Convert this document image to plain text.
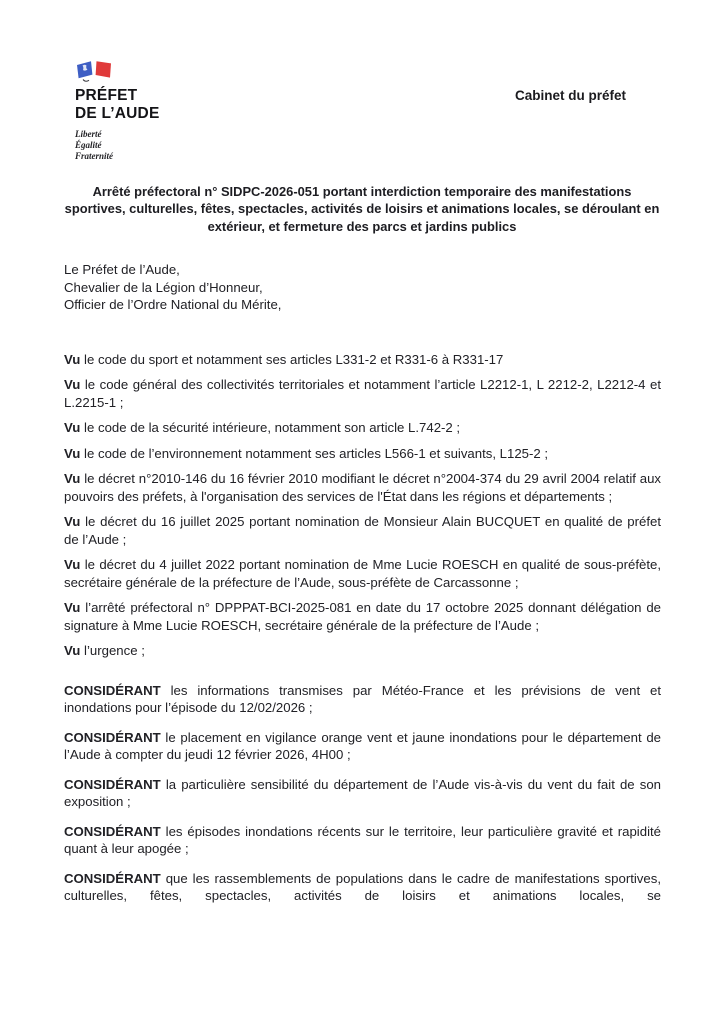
PRÉFET
DE L’AUDE
Liberté
Égalité
Fraternité
Cabinet du préfet
Arrêté préfectoral n° SIDPC-2026-051 portant interdiction temporaire des manifestations sportives, culturelles, fêtes, spectacles, activités de loisirs et animations locales, se déroulant en extérieur, et fermeture des parcs et jardins publics

Le Préfet de l’Aude,

Chevalier de la Légion d’Honneur,

Officier de l’Ordre National du Mérite,

Vu le code du sport et notamment ses articles L331-2 et R331-6 à R331-17

Vu le code général des collectivités territoriales et notamment l’article L2212-1, L 2212-2, L2212-4 et L.2215-1 ;

Vu le code de la sécurité intérieure, notamment son article L.742-2 ;

Vu le code de l’environnement notamment ses articles L566-1 et suivants, L125-2 ;

Vu le décret n°2010-146 du 16 février 2010 modifiant le décret n°2004-374 du 29 avril 2004 relatif aux pouvoirs des préfets, à l'organisation des services de l'État dans les régions et départements ;

Vu le décret du 16 juillet 2025 portant nomination de Monsieur Alain BUCQUET en qualité de préfet de l’Aude ;

Vu le décret du 4 juillet 2022 portant nomination de Mme Lucie ROESCH en qualité de sous-préfète, secrétaire générale de la préfecture de l’Aude, sous-préfète de Carcassonne ;

Vu l’arrêté préfectoral n° DPPPAT-BCI-2025-081 en date du 17 octobre 2025 donnant délégation de signature à Mme Lucie ROESCH, secrétaire générale de la préfecture de l’Aude ;

Vu l’urgence ;

CONSIDÉRANT les informations transmises par Météo-France et les prévisions de vent et inondations pour l’épisode du 12/02/2026 ;

CONSIDÉRANT le placement en vigilance orange vent et jaune inondations pour le département de l’Aude à compter du jeudi 12 février 2026, 4H00 ;

CONSIDÉRANT la particulière sensibilité du département de l’Aude vis-à-vis du vent du fait de son exposition ;

CONSIDÉRANT les épisodes inondations récents sur le territoire, leur particulière gravité et rapidité quant à leur apogée ;

CONSIDÉRANT que les rassemblements de populations dans le cadre de manifestations sportives, culturelles, fêtes, spectacles, activités de loisirs et animations locales, se
